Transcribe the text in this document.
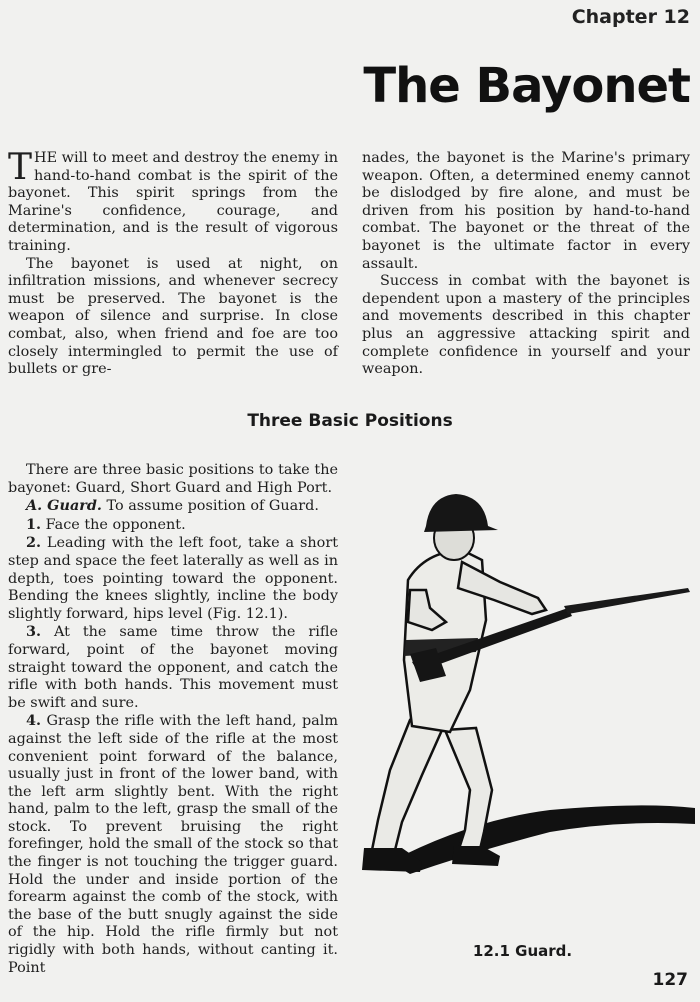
Chapter 12
The Bayonet

THE will to meet and destroy the enemy in hand-to-hand combat is the spirit of the bayonet. This spirit springs from the Marine's confidence, courage, and determination, and is the result of vigorous training.

The bayonet is used at night, on infiltration missions, and whenever secrecy must be preserved. The bayonet is the weapon of silence and surprise. In close combat, also, when friend and foe are too closely intermingled to permit the use of bullets or gre-

nades, the bayonet is the Marine's primary weapon. Often, a determined enemy cannot be dislodged by fire alone, and must be driven from his position by hand-to-hand combat. The bayonet or the threat of the bayonet is the ultimate factor in every assault.

Success in combat with the bayonet is dependent upon a mastery of the principles and movements described in this chapter plus an aggressive attacking spirit and complete confidence in yourself and your weapon.

Three Basic Positions

There are three basic positions to take the bayonet: Guard, Short Guard and High Port.

A. Guard. To assume position of Guard.

1. Face the opponent.

2. Leading with the left foot, take a short step and space the feet laterally as well as in depth, toes pointing toward the opponent. Bending the knees slightly, incline the body slightly forward, hips level (Fig. 12.1).

3. At the same time throw the rifle forward, point of the bayonet moving straight toward the opponent, and catch the rifle with both hands. This movement must be swift and sure.

4. Grasp the rifle with the left hand, palm against the left side of the rifle at the most convenient point forward of the balance, usually just in front of the lower band, with the left arm slightly bent. With the right hand, palm to the left, grasp the small of the stock. To prevent bruising the right forefinger, hold the small of the stock so that the finger is not touching the trigger guard. Hold the under and inside portion of the forearm against the comb of the stock, with the base of the butt snugly against the side of the hip. Hold the rifle firmly but not rigidly with both hands, without canting it. Point

12.1 Guard.
127
